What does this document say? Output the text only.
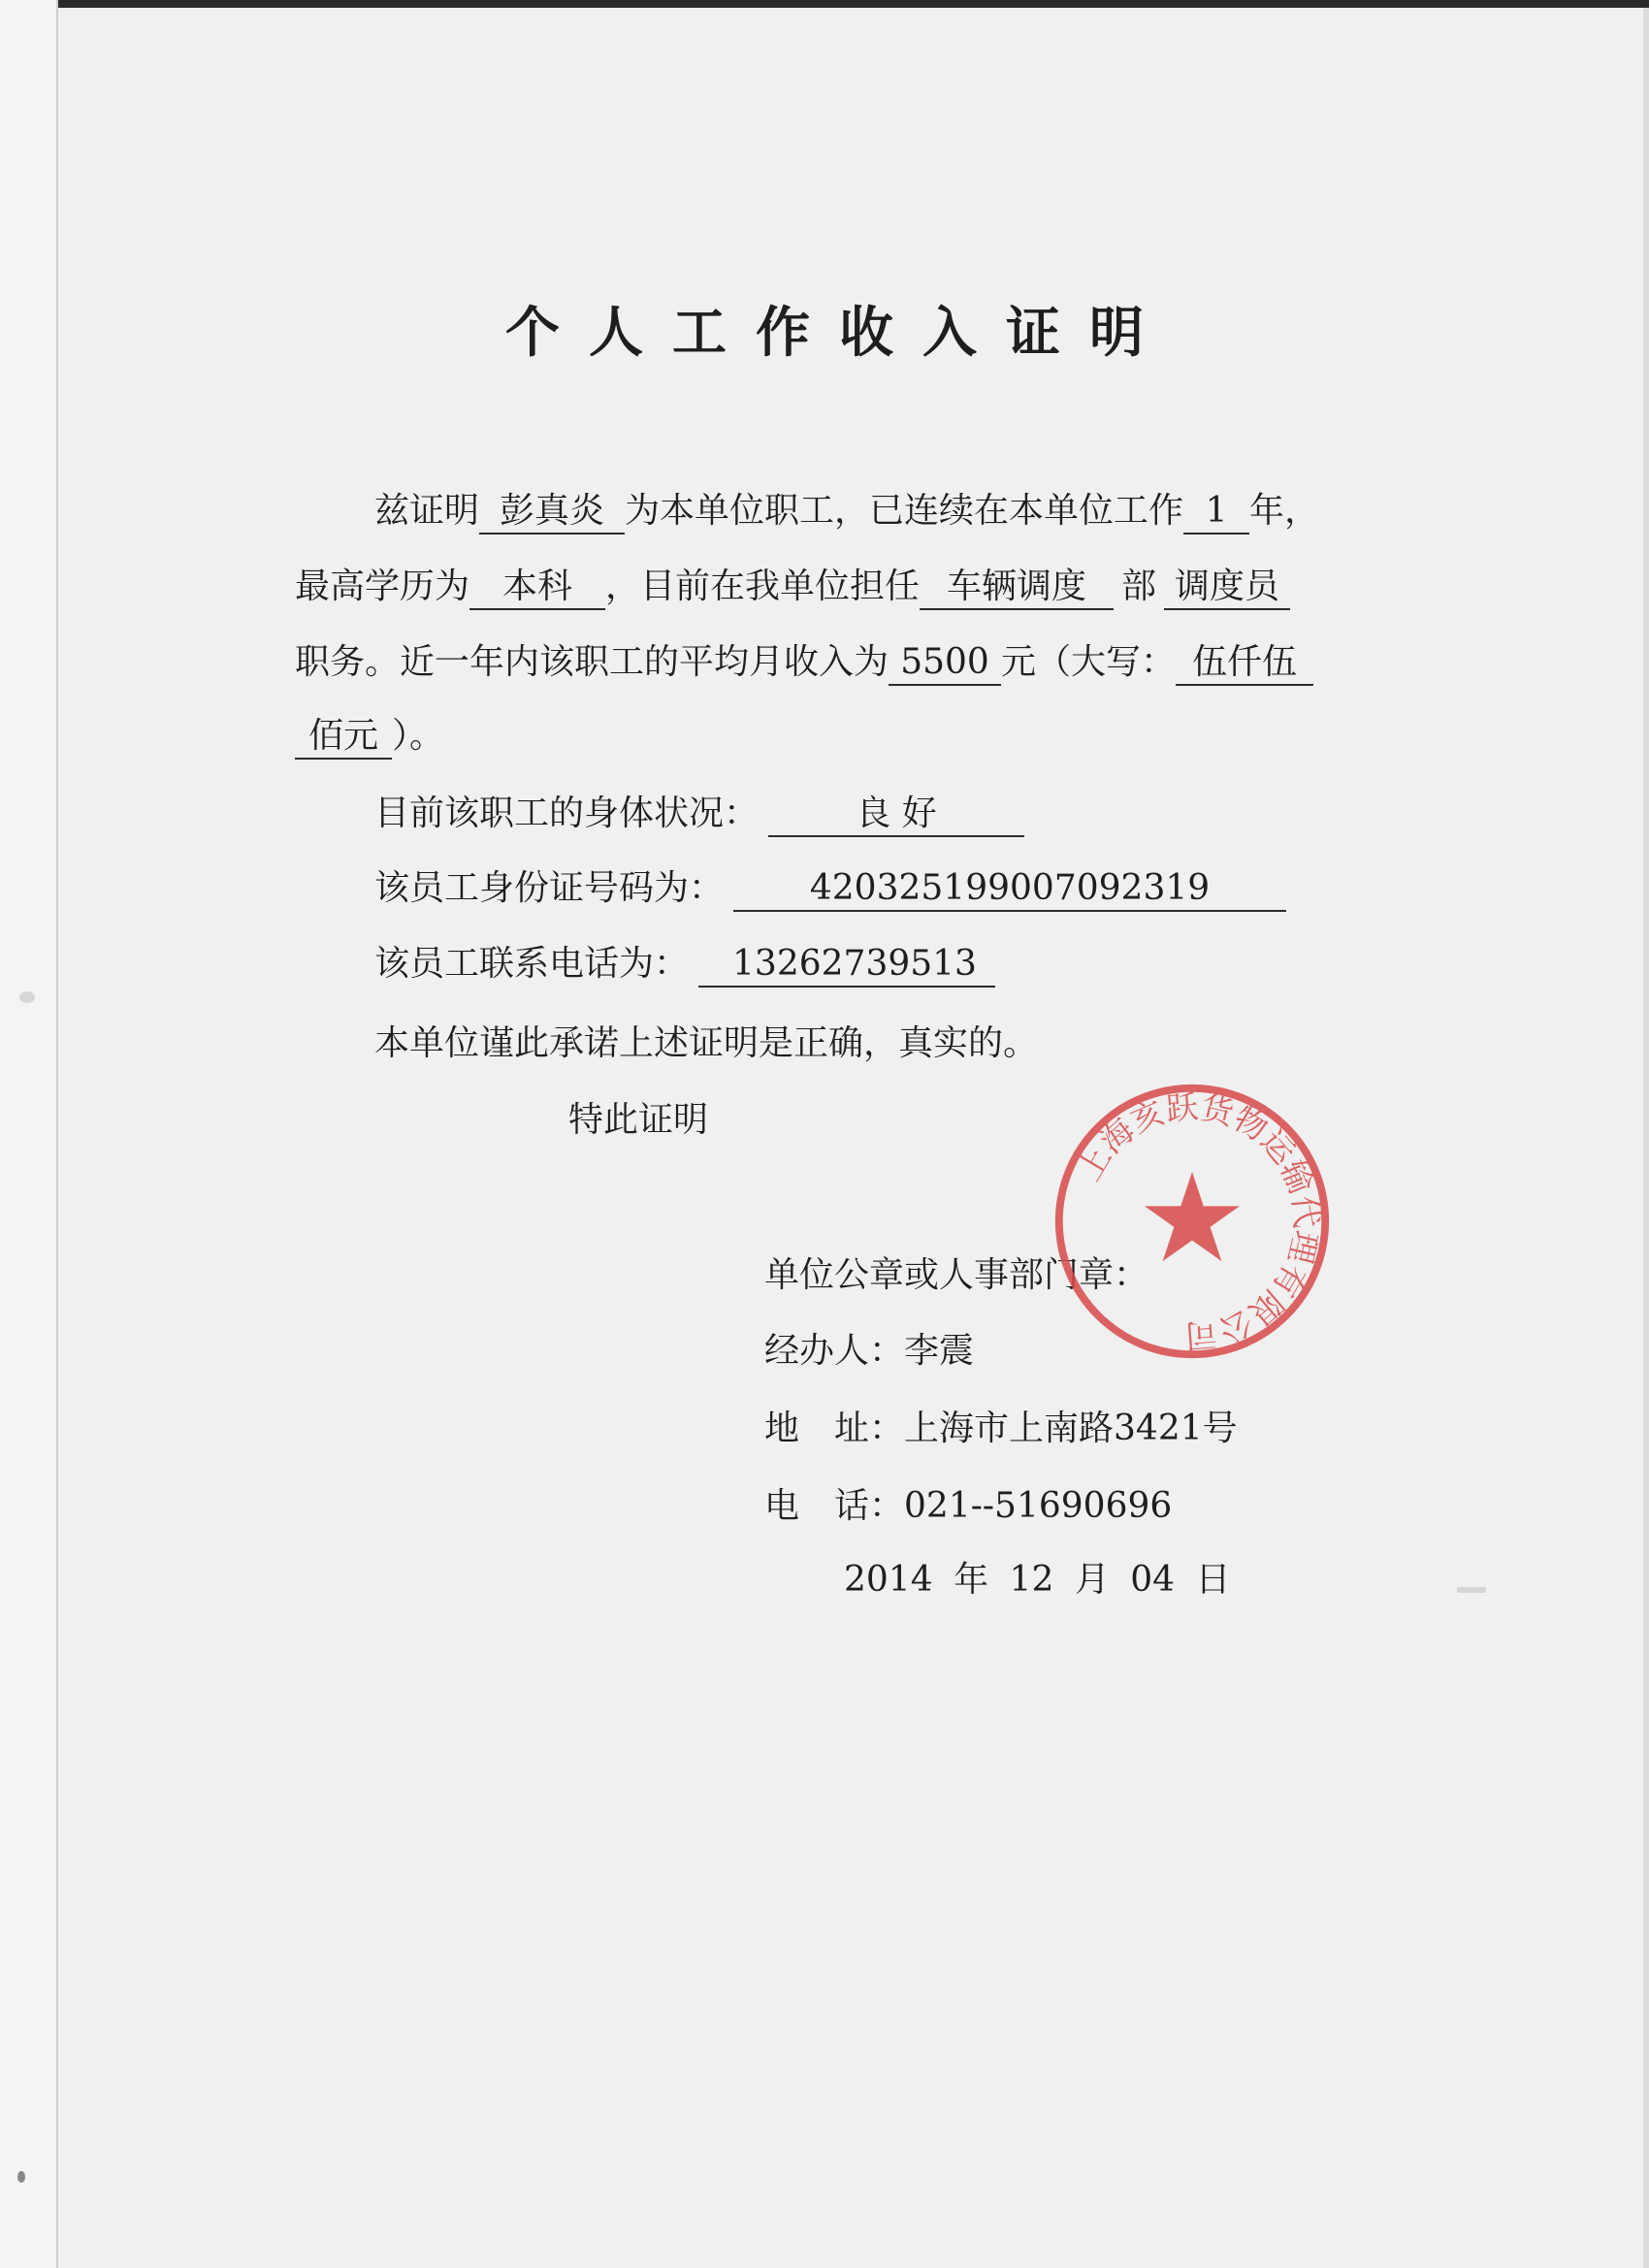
个人工作收入证明
兹证明 彭真炎 为本单位职工，已连续在本单位工作 1 年，
最高学历为 本科 ，目前在我单位担任 车辆调度 部 调度员
职务。近一年内该职工的平均月收入为 5500 元（大写： 伍仟伍
佰元 ）。
目前该职工的身体状况：	良 好
该员工身份证号码为： 420325199007092319
该员工联系电话为： 13262739513
本单位谨此承诺上述证明是正确，真实的。
特此证明
单位公章或人事部门章：
经办人：李震
地　址：上海市上南路3421号
电　话：021--51690696
2014 年 12 月 04 日
上海亥跃货物运输代理有限公司
